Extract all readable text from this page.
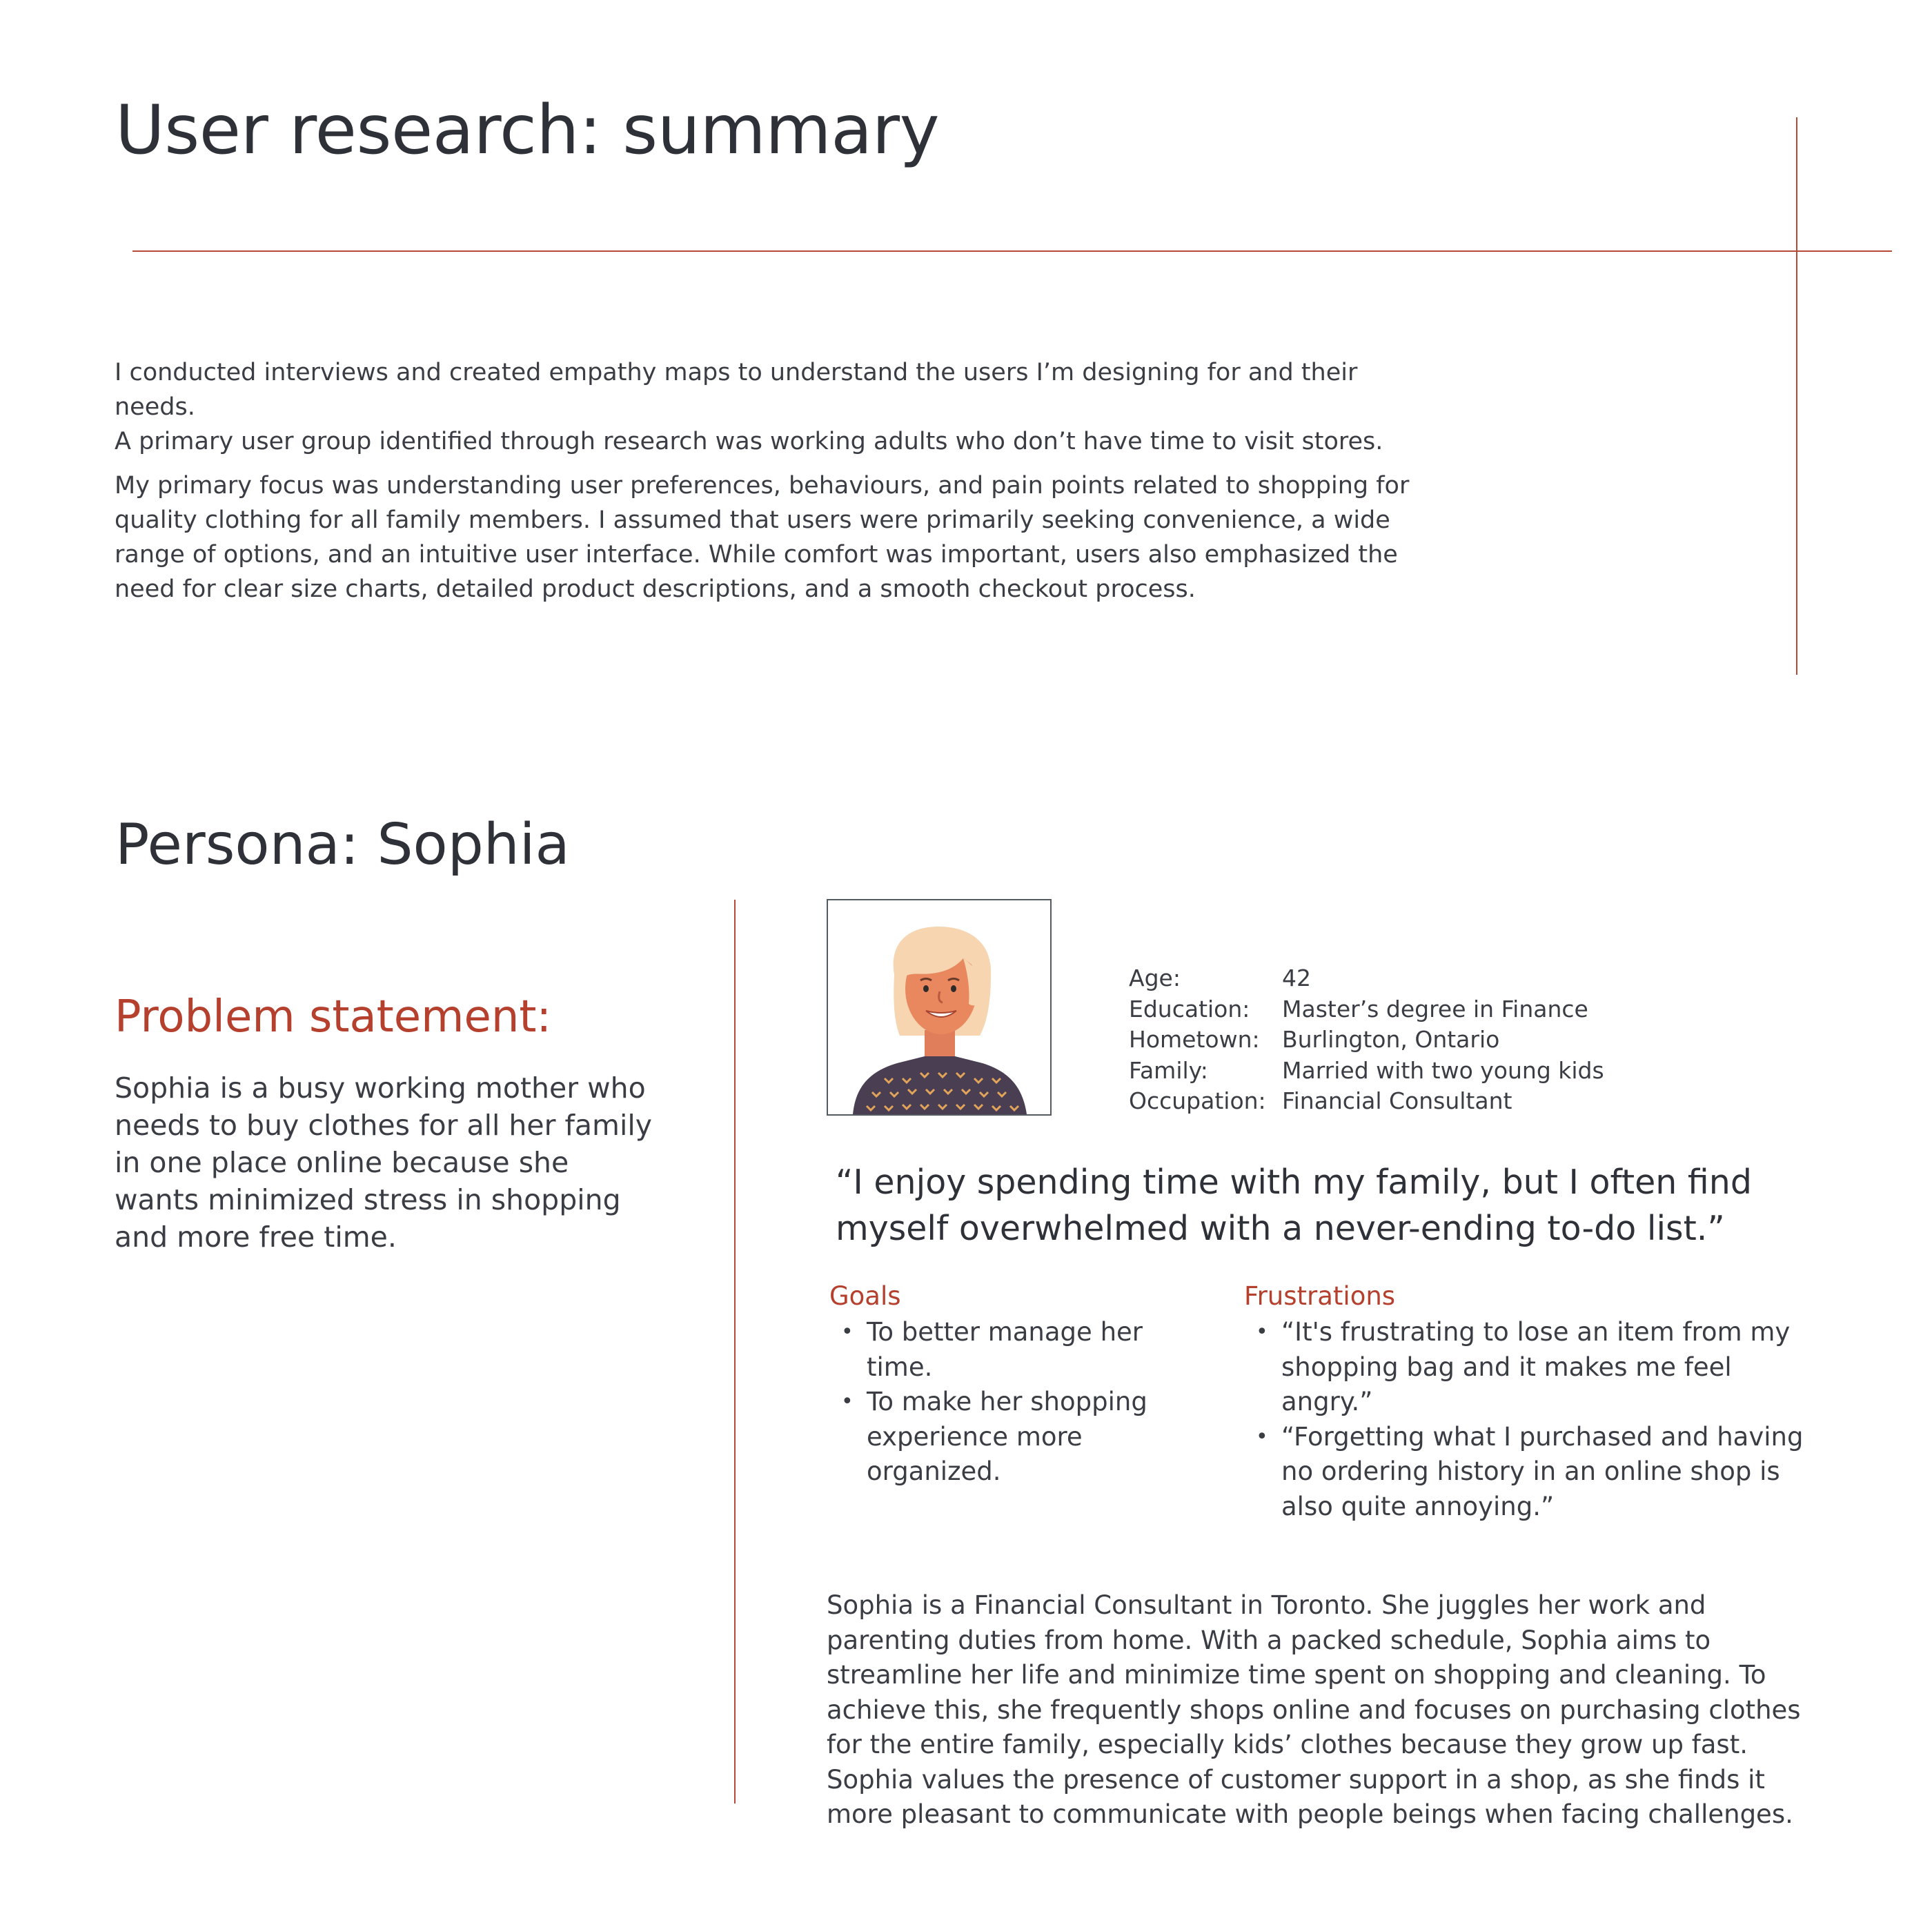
User research: summary
I conducted interviews and created empathy maps to understand the users I’m designing for and their needs.
A primary user group identified through research was working adults who don’t have time to visit stores.

My primary focus was understanding user preferences, behaviours, and pain points related to shopping for quality clothing for all family members. I assumed that users were primarily seeking convenience, a wide range of options, and an intuitive user interface. While comfort was important, users also emphasized the need for clear size charts, detailed product descriptions, and a smooth checkout process.

Persona: Sophia
Problem statement:

Sophia is a busy working mother who needs to buy clothes for all her family in one place online because she wants minimized stress in shopping and more free time.

Age:	42
Education:	Master’s degree in Finance
Hometown: Burlington, Ontario
Family:	Married with two young kids
Occupation: Financial Consultant

“I enjoy spending time with my family, but I often find myself overwhelmed with a never-ending to-do list.”

Goals
• To better manage her time.
• To make her shopping experience more organized.
Frustrations
• “It's frustrating to lose an item from my shopping bag and it makes me feel angry.”
• “Forgetting what I purchased and having no ordering history in an online shop is also quite annoying.”

Sophia is a Financial Consultant in Toronto. She juggles her work and parenting duties from home. With a packed schedule, Sophia aims to streamline her life and minimize time spent on shopping and cleaning. To achieve this, she frequently shops online and focuses on purchasing clothes for the entire family, especially kids’ clothes because they grow up fast. Sophia values the presence of customer support in a shop, as she finds it more pleasant to communicate with people beings when facing challenges.
